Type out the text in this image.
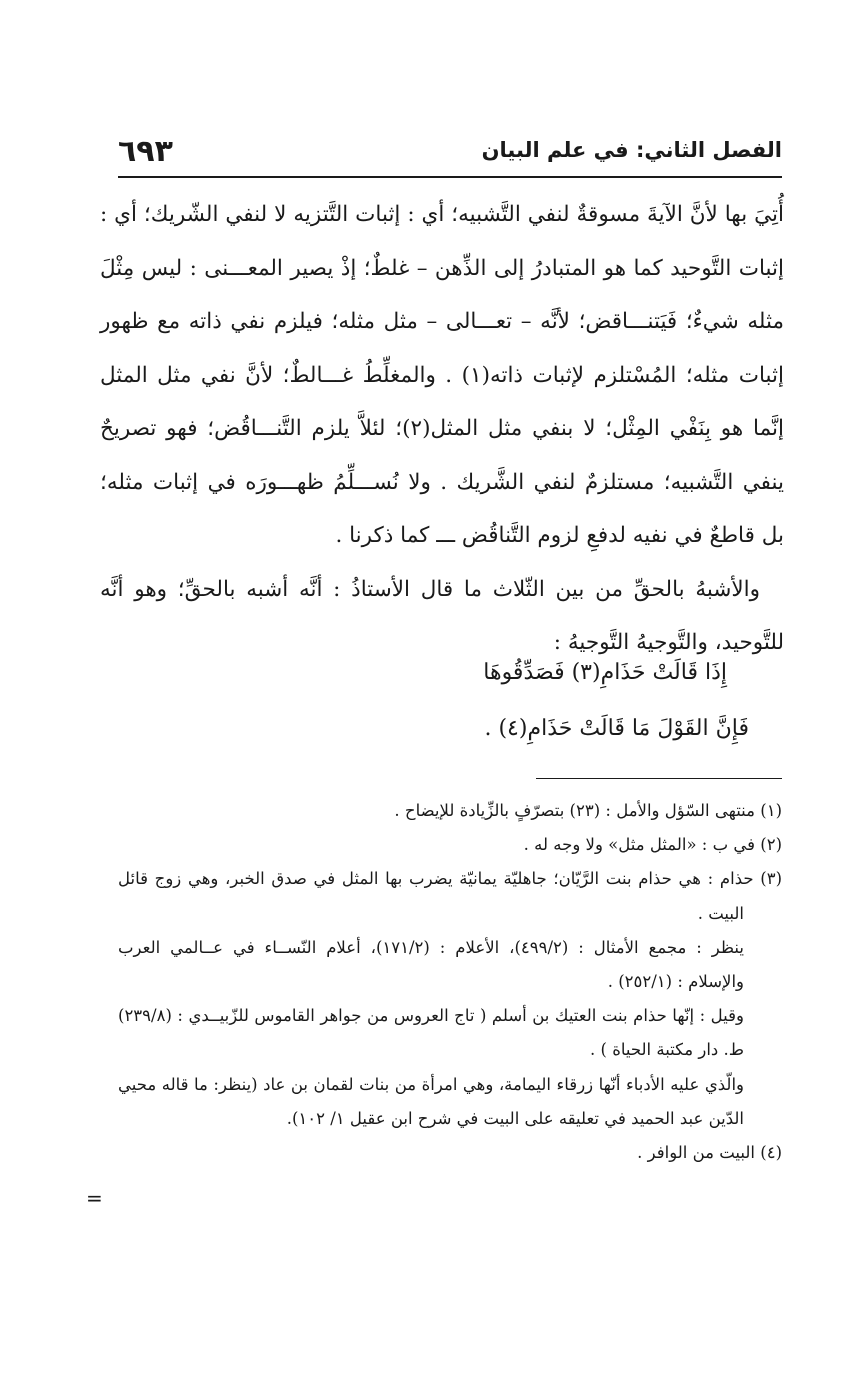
الفصل الثاني: في علم البيان
٦٩٣

أُتِيَ بها لأنَّ الآيةَ مسوقةٌ لنفي التَّشبيه؛ أي : إثبات التَّتزيه لا لنفي الشّريك؛ أي : إثبات التَّوحيد كما هو المتبادرُ إلى الذِّهن – غلطٌ؛ إذْ يصير المعـــنى : ليس مِثْلَ مثله شيءٌ؛ فَيَتنـــاقض؛ لأنَّه – تعـــالى – مثل مثله؛ فيلزم نفي ذاته مع ظهور إثبات مثله؛ المُسْتلزم لإثبات ذاته(١) . والمغلِّطُ غـــالطٌ؛ لأنَّ نفي مثل المثل إنَّما هو بِنَفْي المِثْل؛ لا بنفي مثل المثل(٢)؛ لئلاَّ يلزم التَّنـــاقُض؛ فهو تصريحٌ ينفي التَّشبيه؛ مستلزمٌ لنفي الشَّريك . ولا نُســـلِّمُ ظهـــورَه في إثبات مثله؛ بل قاطعٌ في نفيه لدفعِ لزوم التَّناقُض ـــ كما ذكرنا .

والأشبهُ بالحقِّ من بين الثّلاث ما قال الأستاذُ : أنَّه أشبه بالحقِّ؛ وهو أنَّه للتَّوحيد، والتَّوجيهُ التَّوجيهُ :

إِذَا قَالَتْ حَذَامِ(٣) فَصَدِّقُوهَا
فَإِنَّ القَوْلَ مَا قَالَتْ حَذَامِ(٤) .

(١) منتهى السّؤل والأمل : (٢٣) بتصرّفٍ بالزِّيادة للإيضاح .

(٢) في ب : «المثل مثل» ولا وجه له .

(٣) حذام : هي حذام بنت الرَّيّان؛ جاهليّة يمانيّة يضرب بها المثل في صدق الخبر، وهي زوج قائل البيت .

ينظر : مجمع الأمثال : (٤٩٩/٢)، الأعلام : (١٧١/٢)، أعلام النّســاء في عــالمي العرب والإسلام : (٢٥٢/١) .

وقيل : إنّها حذام بنت العتيك بن أسلم ( تاج العروس من جواهر القاموس للزّبيــدي : (٢٣٩/٨) ط. دار مكتبة الحياة ) .

والّذي عليه الأدباء أنّها زرقاء اليمامة، وهي امرأة من بنات لقمان بن عاد (ينظر: ما قاله محيي الدّين عبد الحميد في تعليقه على البيت في شرح ابن عقيل ١/ ١٠٢).

(٤) البيت من الوافر .

=
